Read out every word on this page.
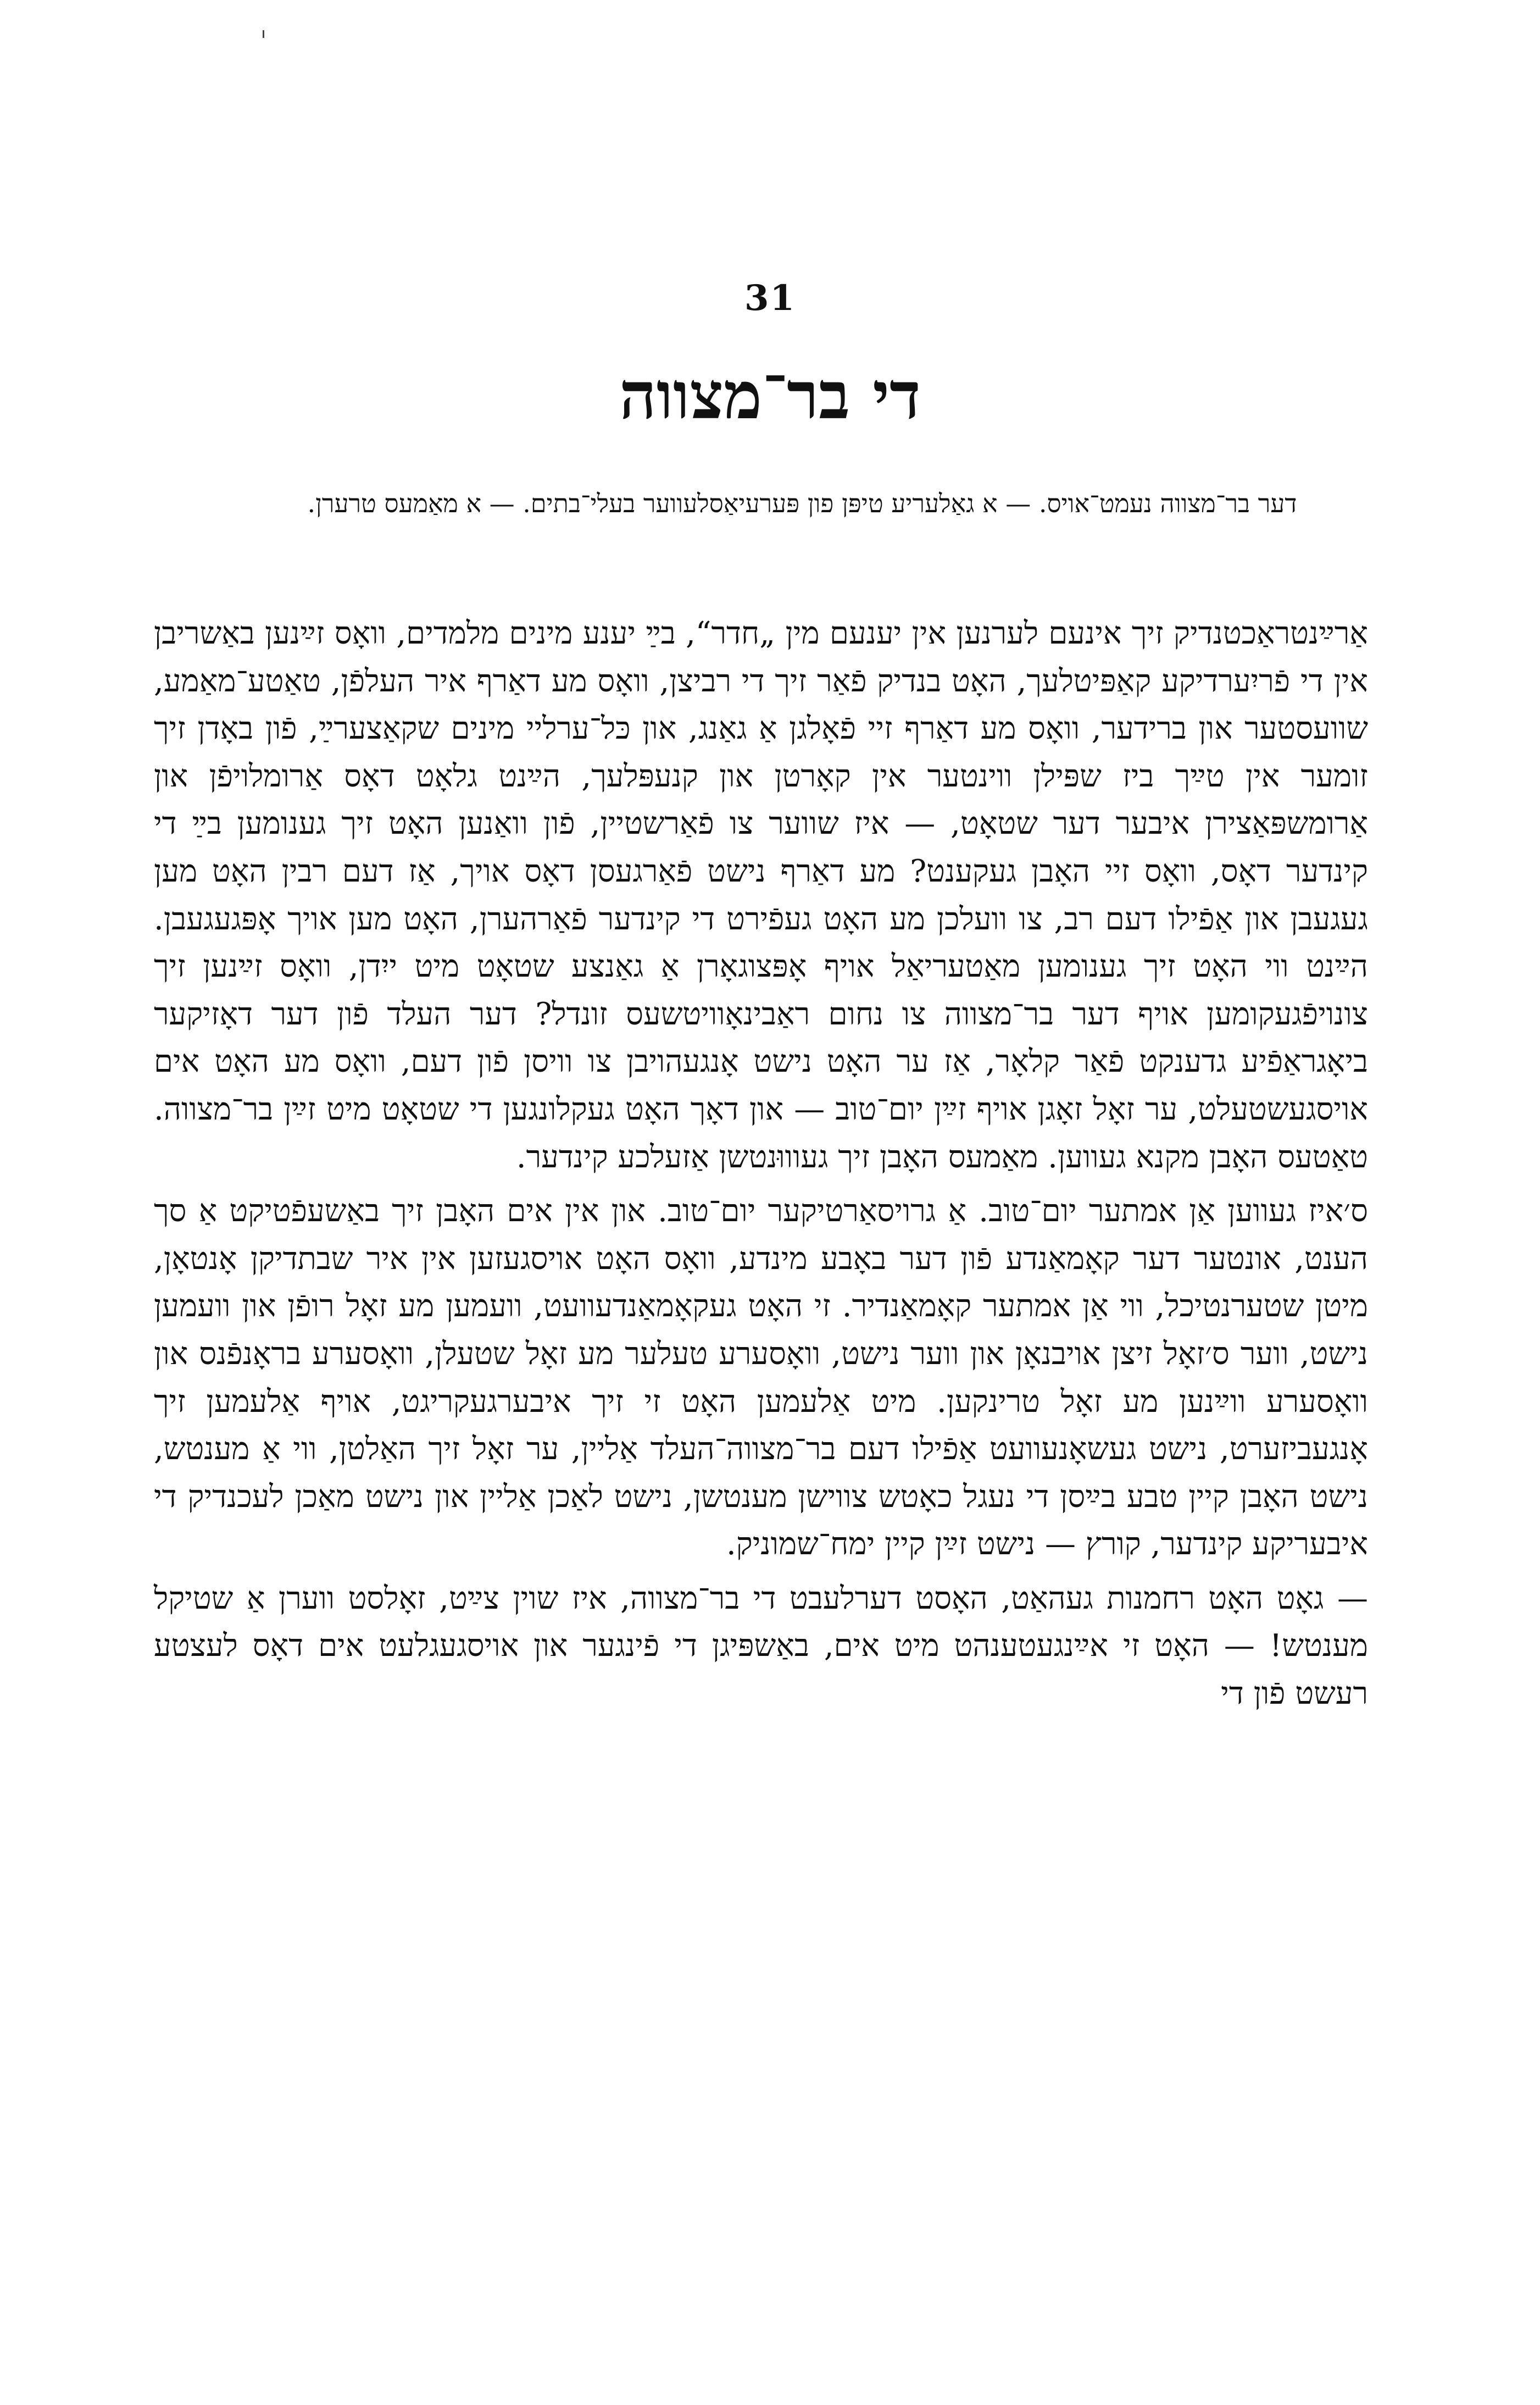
31
די בר־מצווה
דער בר־מצווה נעמט־אויס. — א גאַלעריע טיפּן פון פּערעיאַסלעווער בעלי־בתים. — א מאַמעס טרערן.

אַרײַנטראַכטנדיק זיך אינעם לערנען אין יענעם מין „חדר“, בײַ יענע מינים מלמדים, וואָס זײַנען באַשריבן אין די פֿריִערדיקע קאַפּיטלעך, האָט בנדיק פֿאַר זיך די רביצן, וואָס מע דאַרף איר העלפֿן, טאַטע־מאַמע, שוועסטער און ברידער, וואָס מע דאַרף זיי פֿאָלגן אַ גאַנג, און כּל־ערליי מינים שקאַצערײַ, פֿון באָדן זיך זומער אין טײַך ביז שפּילן ווינטער אין קאָרטן און קנעפּלעך, הײַנט גלאָט דאָס אַרומלויפֿן און אַרומשפּאַצירן איבער דער שטאָט, — איז שווער צו פֿאַרשטיין, פֿון וואַנען האָט זיך גענומען בײַ די קינדער דאָס, וואָס זיי האָבן געקענט? מע דאַרף נישט פֿאַרגעסן דאָס אויך, אַז דעם רבין האָט מען געגעבן און אַפֿילו דעם רב, צו וועלכן מע האָט געפֿירט די קינדער פֿאַרהערן, האָט מען אויך אָפּגעגעבן. הײַנט ווי האָט זיך גענומען מאַטעריאַל אויף אָפּצוגאָרן אַ גאַנצע שטאָט מיט ייִדן, וואָס זײַנען זיך צונויפֿגעקומען אויף דער בר־מצווה צו נחום ראַבינאָוויטשעס זונדל? דער העלד פֿון דער דאָזיקער ביאָגראַפֿיע גדענקט פֿאַר קלאָר, אַז ער האָט נישט אָנגעהויבן צו וויסן פֿון דעם, וואָס מע האָט אים אויסגעשטעלט, ער זאָל זאָגן אויף זײַן יום־טוב — און דאָך האָט געקלונגען די שטאָט מיט זײַן בר־מצווה. טאַטעס האָבן מקנא געווען. מאַמעס האָבן זיך געוווּנטשן אַזעלכע קינדער.

ס׳איז געווען אַן אמתער יום־טוב. אַ גרויסאַרטיקער יום־טוב. און אין אים האָבן זיך באַשעפֿטיקט אַ סך הענט, אונטער דער קאָמאַנדע פֿון דער באָבע מינדע, וואָס האָט אויסגעזען אין איר שבתדיקן אָנטאָן, מיטן שטערנטיכל, ווי אַן אמתער קאָמאַנדיר. זי האָט געקאָמאַנדעוועט, וועמען מע זאָל רופֿן און וועמען נישט, ווער ס׳זאָל זיצן אויבנאָן און ווער נישט, וואָסערע טעלער מע זאָל שטעלן, וואָסערע בראָנפֿנס און וואָסערע ווײַנען מע זאָל טרינקען. מיט אַלעמען האָט זי זיך איבערגעקריגט, אויף אַלעמען זיך אָנגעביזערט, נישט געשאָנעוועט אַפֿילו דעם בר־מצווה־העלד אַליין, ער זאָל זיך האַלטן, ווי אַ מענטש, נישט האָבן קיין טבע בײַסן די נעגל כאָטש צווישן מענטשן, נישט לאַכן אַליין און נישט מאַכן לעכנדיק די איבעריקע קינדער, קורץ — נישט זײַן קיין ימח־שמוניק.

— גאָט האָט רחמנות געהאַט, האָסט דערלעבט די בר־מצווה, איז שוין צײַט, זאָלסט ווערן אַ שטיקל מענטש! — האָט זי אײַנגעטענהט מיט אים, באַשפּיגן די פֿינגער און אויסגעגלעט אים דאָס לעצטע רעשט פֿון די
